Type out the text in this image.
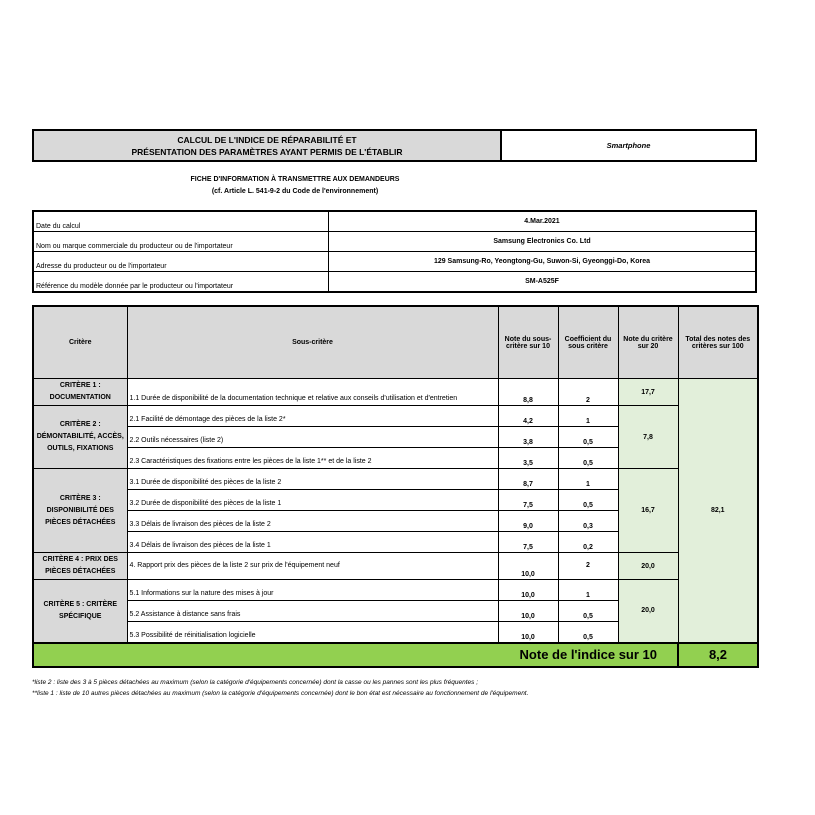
CALCUL DE L'INDICE DE RÉPARABILITÉ ET
PRÉSENTATION DES PARAMÈTRES AYANT PERMIS DE L'ÉTABLIR
	Smartphone
FICHE D'INFORMATION À TRANSMETTRE AUX DEMANDEURS
(cf. Article L. 541-9-2 du Code de l'environnement)
Date du calcul	4.Mar.2021
Nom ou marque commerciale du producteur ou de l'importateur	Samsung Electronics Co. Ltd
Adresse du producteur ou de l'importateur	129 Samsung-Ro, Yeongtong-Gu, Suwon-Si, Gyeonggi-Do, Korea
Référence du modèle donnée par le producteur ou l'importateur	SM-A525F
Critère	Sous-critère	Note du sous-critère sur 10	Coefficient du sous critère	Note du critère sur 20	Total des notes des critères sur 100
CRITÈRE 1 : DOCUMENTATION	1.1 Durée de disponibilité de la documentation technique et relative aux conseils d'utilisation et d'entretien	8,8	2	17,7	82,1
CRITÈRE 2 : DÉMONTABILITÉ, ACCÈS, OUTILS, FIXATIONS	2.1 Facilité de démontage des pièces de la liste 2*	4,2	1	7,8	
	2.2 Outils nécessaires (liste 2)	3,8	0,5		
	2.3 Caractéristiques des fixations entre les pièces de la liste 1** et de la liste 2	3,5	0,5		
CRITÈRE 3 : DISPONIBILITÉ DES PIÈCES DÉTACHÉES	3.1 Durée de disponibilité des pièces de la liste 2	8,7	1	16,7	
	3.2 Durée de disponibilité des pièces de la liste 1	7,5	0,5		
	3.3 Délais de livraison des pièces de la liste 2	9,0	0,3		
	3.4 Délais de livraison des pièces de la liste 1	7,5	0,2		
CRITÈRE 4 : PRIX DES PIÈCES DÉTACHÉES	4. Rapport prix des pièces de la liste 2 sur prix de l'équipement neuf	10,0	2	20,0	
CRITÈRE 5 : CRITÈRE SPÉCIFIQUE	5.1 Informations sur la nature des mises à jour	10,0	1	20,0	
	5.2 Assistance à distance sans frais	10,0	0,5		
	5.3 Possibilité de réinitialisation logicielle	10,0	0,5		
Note de l'indice sur 10					8,2
*liste 2 : liste des 3 à 5 pièces détachées au maximum (selon la catégorie d'équipements concernée) dont la casse ou les pannes sont les plus fréquentes ;
**liste 1 : liste de 10 autres pièces détachées au maximum (selon la catégorie d'équipements concernée) dont le bon état est nécessaire au fonctionnement de l'équipement.
